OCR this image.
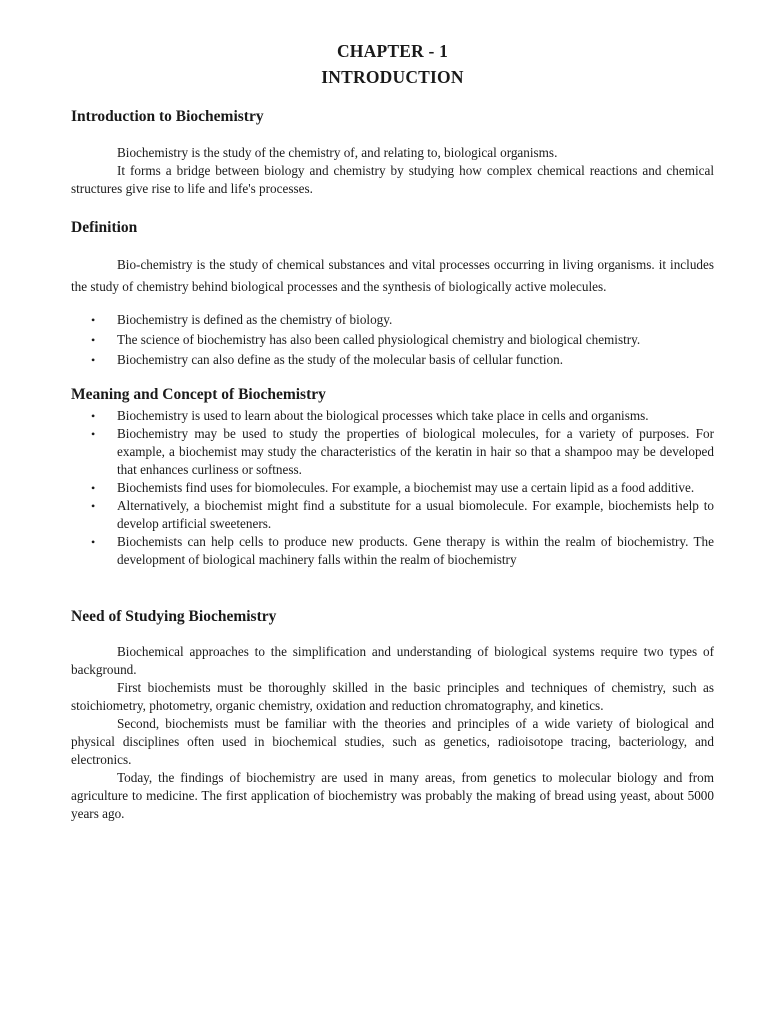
CHAPTER - 1
INTRODUCTION
Introduction to Biochemistry

Biochemistry is the study of the chemistry of, and relating to, biological organisms.

It forms a bridge between biology and chemistry by studying how complex chemical reactions and chemical structures give rise to life and life's processes.

Definition

Bio-chemistry is the study of chemical substances and vital processes occurring in living organisms. it includes the study of chemistry behind biological processes and the synthesis of biologically active molecules.

• Biochemistry is defined as the chemistry of biology.
• The science of biochemistry has also been called physiological chemistry and biological chemistry.
• Biochemistry can also define as the study of the molecular basis of cellular function.
Meaning and Concept of Biochemistry
• Biochemistry is used to learn about the biological processes which take place in cells and organisms.
• Biochemistry may be used to study the properties of biological molecules, for a variety of purposes. For example, a biochemist may study the characteristics of the keratin in hair so that a shampoo may be developed that enhances curliness or softness.
• Biochemists find uses for biomolecules. For example, a biochemist may use a certain lipid as a food additive.
• Alternatively, a biochemist might find a substitute for a usual biomolecule. For example, biochemists help to develop artificial sweeteners.
• Biochemists can help cells to produce new products. Gene therapy is within the realm of biochemistry. The development of biological machinery falls within the realm of biochemistry
Need of Studying Biochemistry

Biochemical approaches to the simplification and understanding of biological systems require two types of background.

First biochemists must be thoroughly skilled in the basic principles and techniques of chemistry, such as stoichiometry, photometry, organic chemistry, oxidation and reduction chromatography, and kinetics.

Second, biochemists must be familiar with the theories and principles of a wide variety of biological and physical disciplines often used in biochemical studies, such as genetics, radioisotope tracing, bacteriology, and electronics.

Today, the findings of biochemistry are used in many areas, from genetics to molecular biology and from agriculture to medicine. The first application of biochemistry was probably the making of bread using yeast, about 5000 years ago.
